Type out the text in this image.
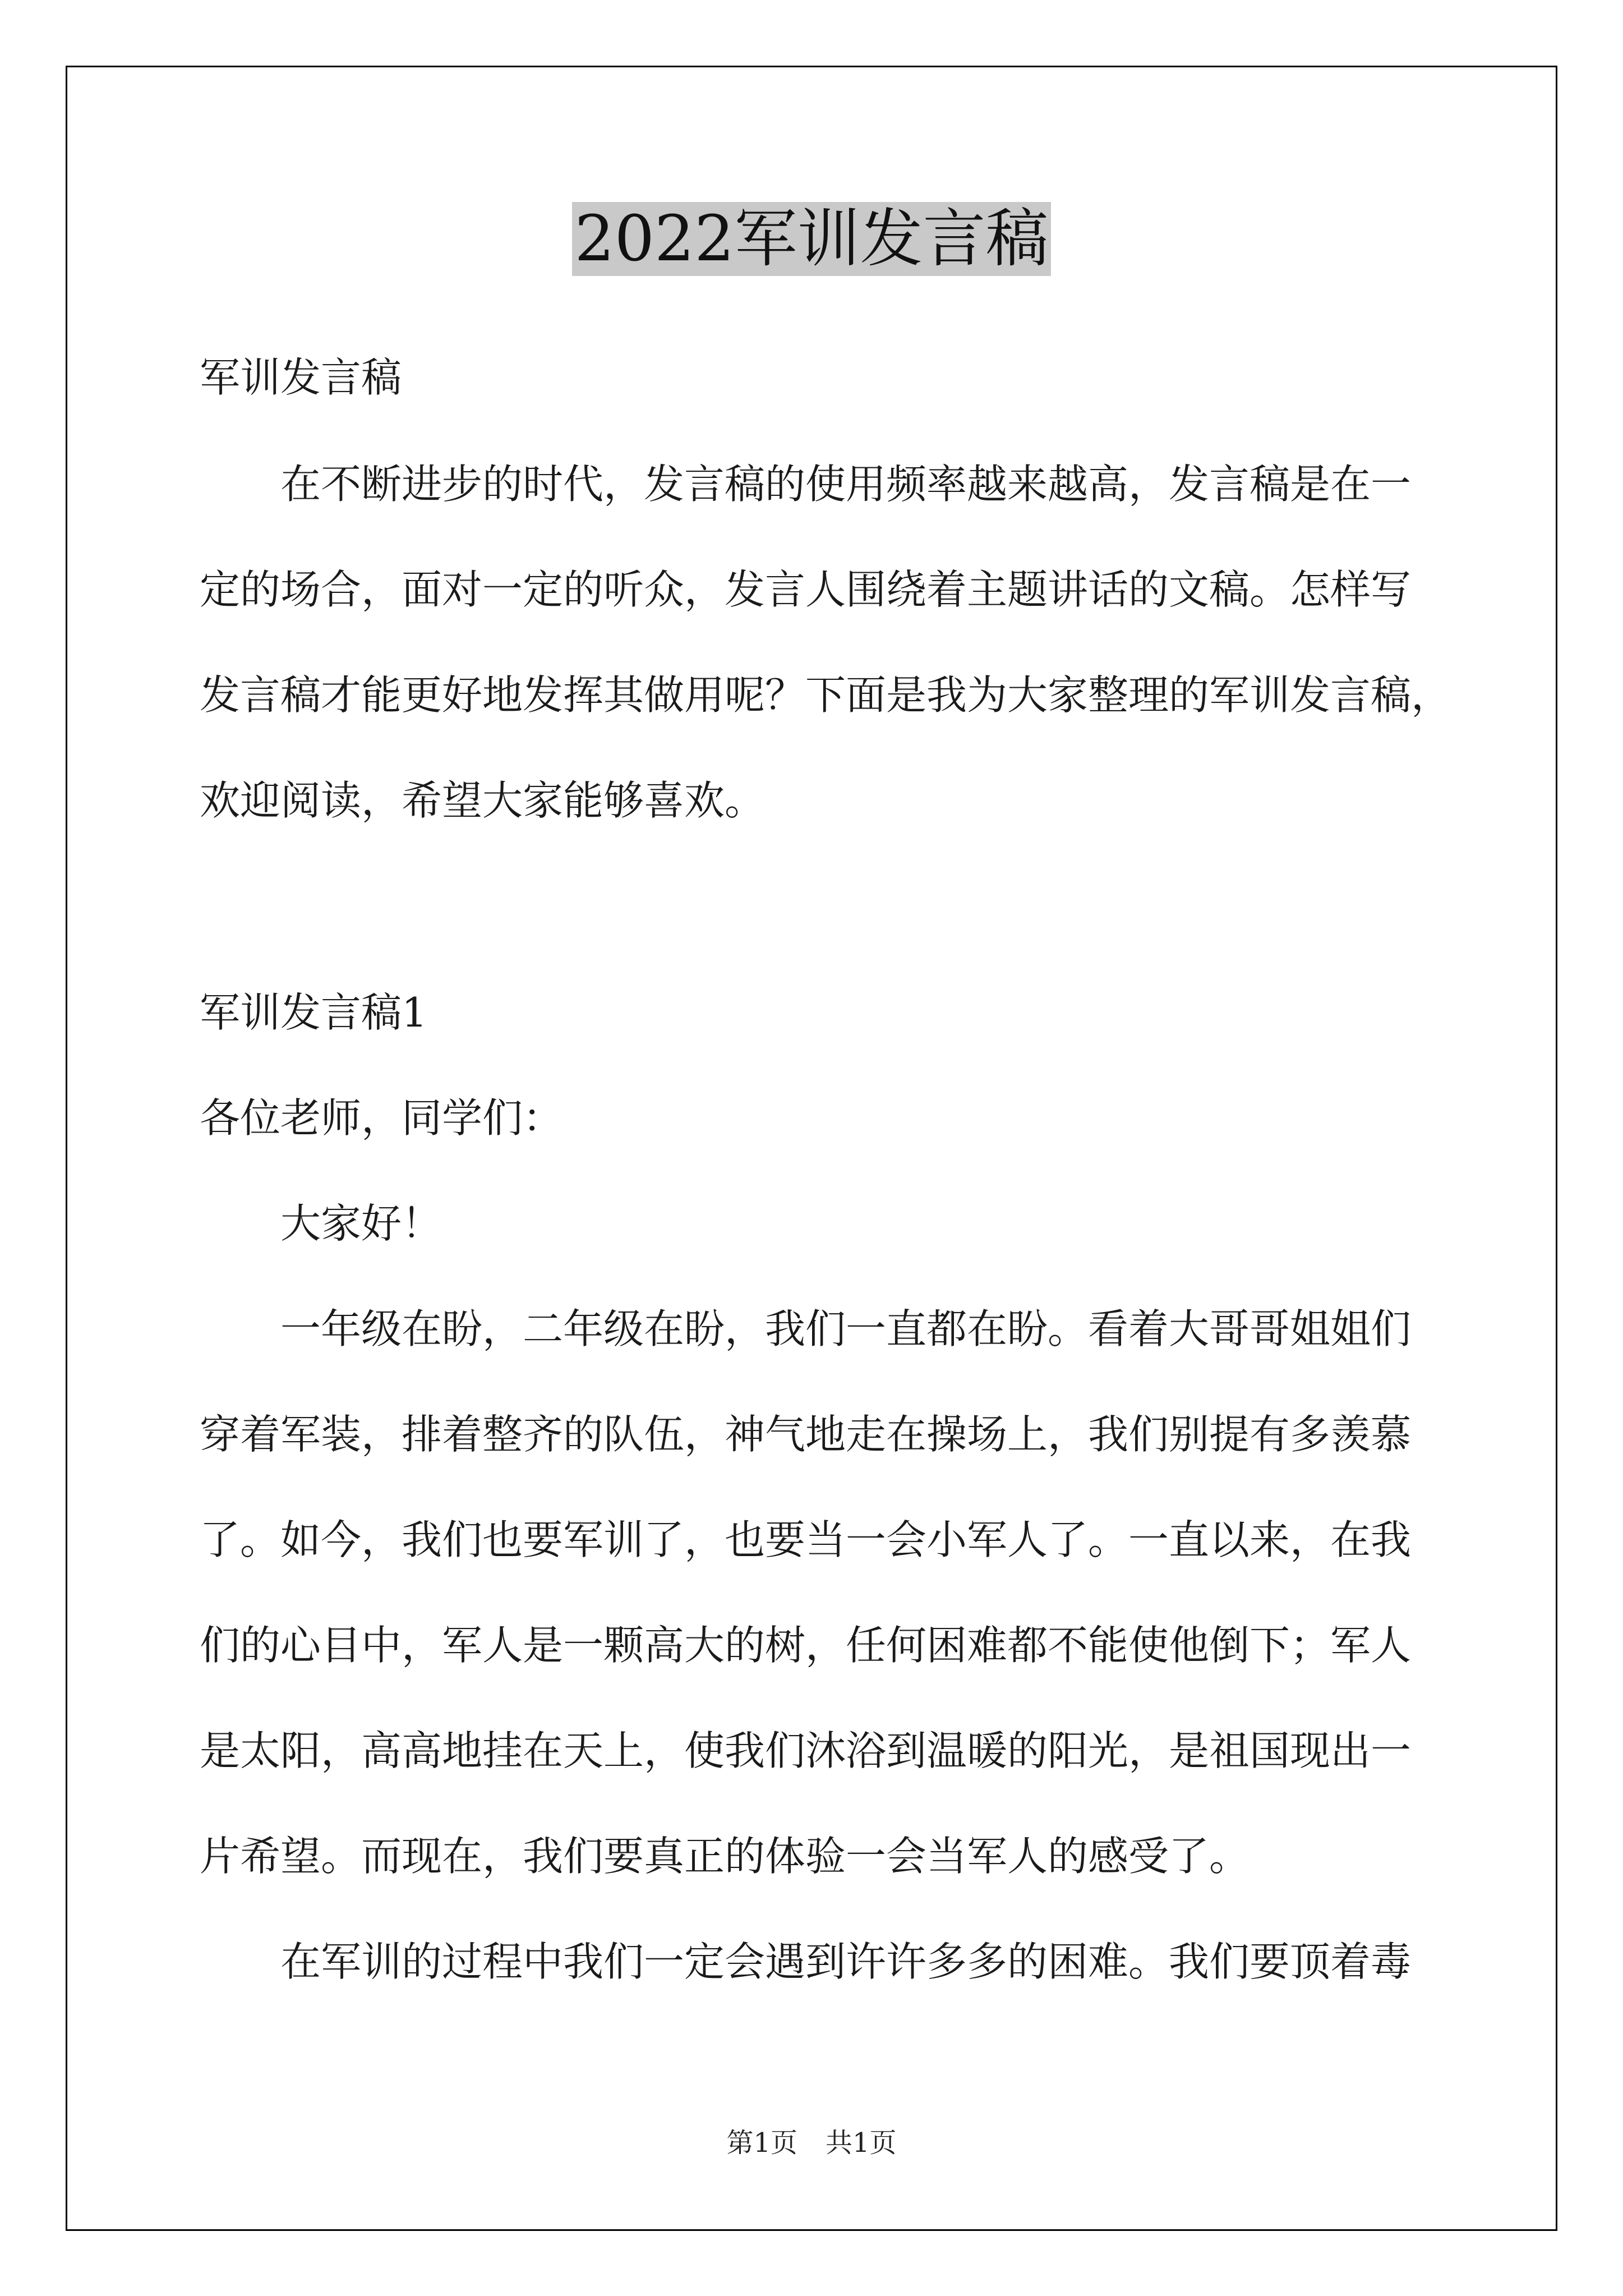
2022军训发言稿
军训发言稿
在不断进步的时代，发言稿的使用频率越来越高，发言稿是在一
定的场合，面对一定的听众，发言人围绕着主题讲话的文稿。怎样写
发言稿才能更好地发挥其做用呢？下面是我为大家整理的军训发言稿，
欢迎阅读，希望大家能够喜欢。
军训发言稿1
各位老师，同学们：
大家好！
一年级在盼，二年级在盼，我们一直都在盼。看着大哥哥姐姐们
穿着军装，排着整齐的队伍，神气地走在操场上，我们别提有多羡慕
了。如今，我们也要军训了，也要当一会小军人了。一直以来，在我
们的心目中，军人是一颗高大的树，任何困难都不能使他倒下；军人
是太阳，高高地挂在天上，使我们沐浴到温暖的阳光，是祖国现出一
片希望。而现在，我们要真正的体验一会当军人的感受了。
在军训的过程中我们一定会遇到许许多多的困难。我们要顶着毒
第1页 共1页
